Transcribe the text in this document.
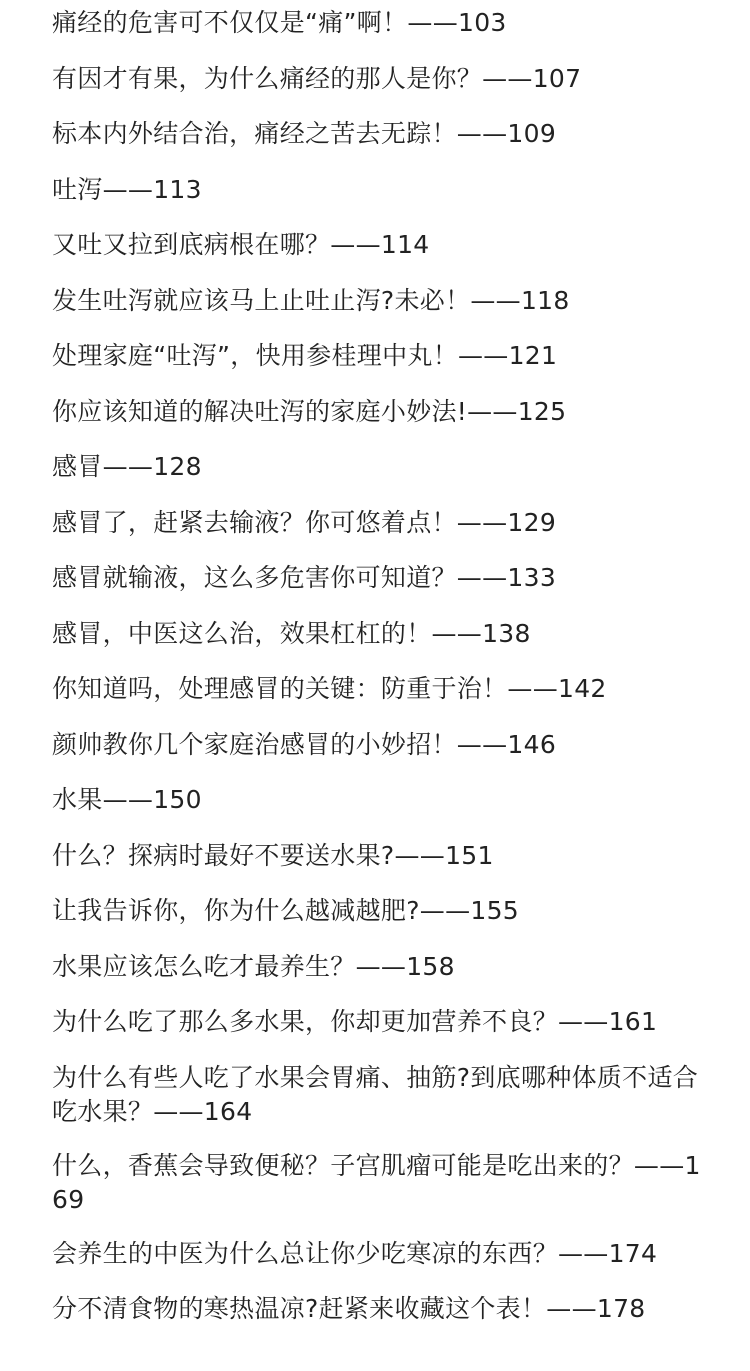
痛经的危害可不仅仅是“痛”啊！——103

有因才有果，为什么痛经的那人是你？——107

标本内外结合治，痛经之苦去无踪！——109

吐泻——113

又吐又拉到底病根在哪？——114

发生吐泻就应该马上止吐止泻?未必！——118

处理家庭“吐泻”，快用参桂理中丸！——121

你应该知道的解决吐泻的家庭小妙法!——125

感冒——128

感冒了，赶紧去输液？你可悠着点！——129

感冒就输液，这么多危害你可知道？——133

感冒，中医这么治，效果杠杠的！——138

你知道吗，处理感冒的关键：防重于治！——142

颜帅教你几个家庭治感冒的小妙招！——146

水果——150

什么？探病时最好不要送水果?——151

让我告诉你，你为什么越减越肥?——155

水果应该怎么吃才最养生？——158

为什么吃了那么多水果，你却更加营养不良？——161

为什么有些人吃了水果会胃痛、抽筋?到底哪种体质不适合吃水果？——164

什么，香蕉会导致便秘？子宫肌瘤可能是吃出来的？——169

会养生的中医为什么总让你少吃寒凉的东西？——174

分不清食物的寒热温凉?赶紧来收藏这个表！——178
